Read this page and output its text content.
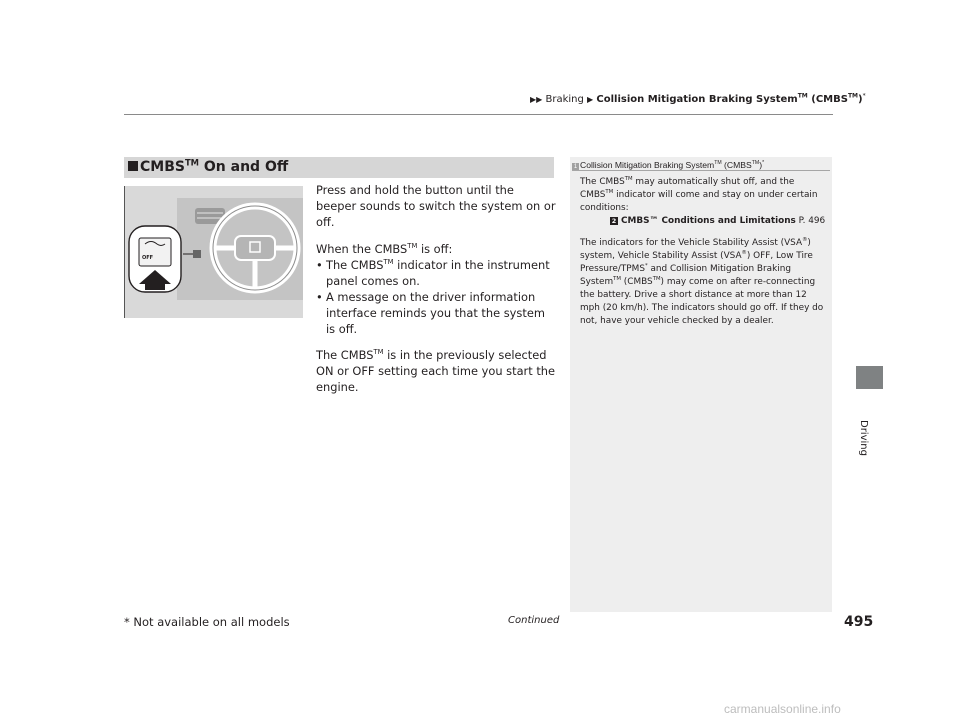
▶▶ Braking ▶ Collision Mitigation Braking System™ (CMBS™)*
Driving
CMBS™ On and Off
OFF

Press and hold the button until the beeper sounds to switch the system on or off.

When the CMBS™ is off:
• The CMBS™ indicator in the instrument panel comes on.
• A message on the driver information interface reminds you that the system is off.

The CMBS™ is in the previously selected ON or OFF setting each time you start the engine.

1 Collision Mitigation Braking System™ (CMBS™)*

The CMBS™ may automatically shut off, and the CMBS™ indicator will come and stay on under certain conditions:
2 CMBS™ Conditions and Limitations P. 496

The indicators for the Vehicle Stability Assist (VSA®) system, Vehicle Stability Assist (VSA®) OFF, Low Tire Pressure/TPMS* and Collision Mitigation Braking System™ (CMBS™) may come on after re-connecting the battery. Drive a short distance at more than 12 mph (20 km/h). The indicators should go off. If they do not, have your vehicle checked by a dealer.

* Not available on all models	Continued	495
carmanualsonline.info
